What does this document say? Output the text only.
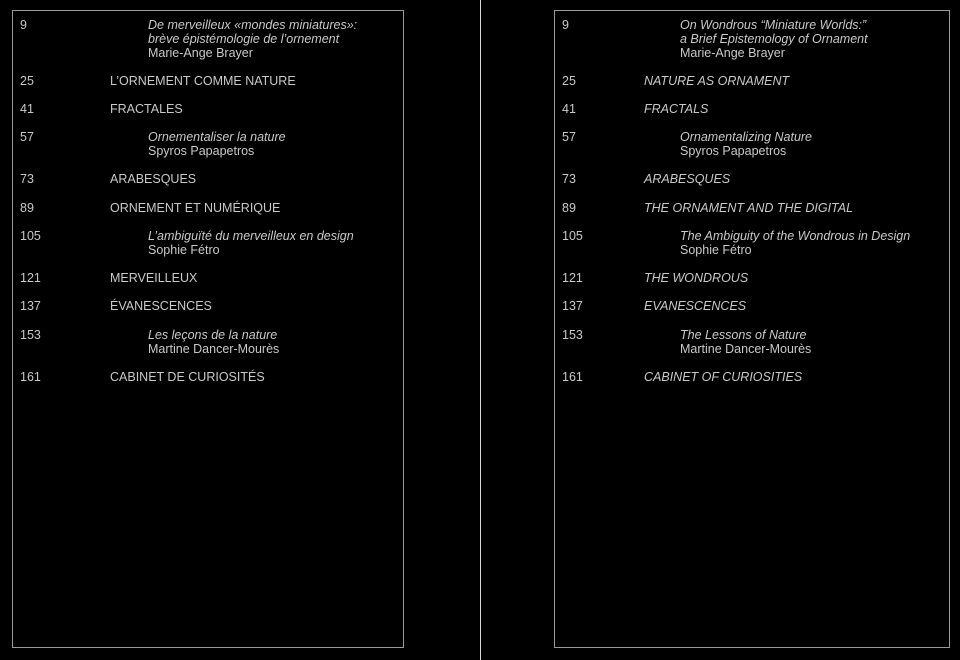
9	De merveilleux «mondes miniatures»:
brève épistémologie de l’ornement
Marie-Ange Brayer
25	L’ORNEMENT COMME NATURE
41	FRACTALES
57	Ornementaliser la nature
Spyros Papapetros
73	ARABESQUES
89	ORNEMENT ET NUMÉRIQUE
105	L’ambiguïté du merveilleux en design
Sophie Fétro
121	MERVEILLEUX
137	ÉVANESCENCES
153	Les leçons de la nature
Martine Dancer-Mourès
161	CABINET DE CURIOSITÉS
9	On Wondrous “Miniature Worlds:”
a Brief Epistemology of Ornament
Marie-Ange Brayer
25	NATURE AS ORNAMENT
41	FRACTALS
57	Ornamentalizing Nature
Spyros Papapetros
73	ARABESQUES
89	THE ORNAMENT AND THE DIGITAL
105	The Ambiguity of the Wondrous in Design
Sophie Fétro
121	THE WONDROUS
137	EVANESCENCES
153	The Lessons of Nature
Martine Dancer-Mourès
161	CABINET OF CURIOSITIES
